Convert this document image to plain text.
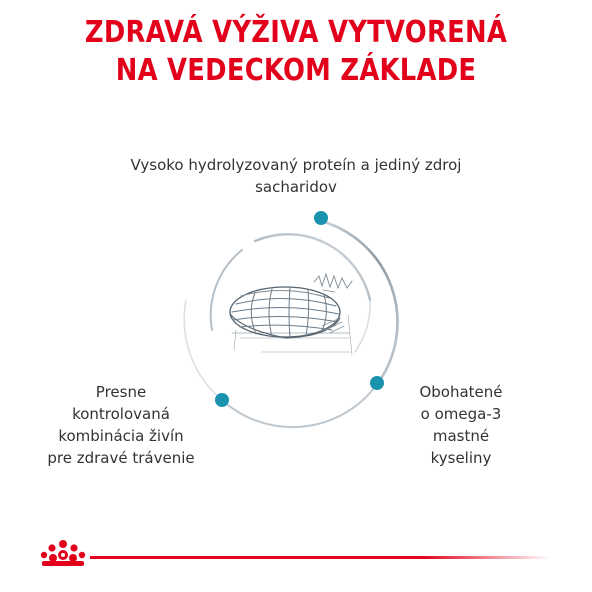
ZDRAVÁ VÝŽIVA VYTVORENÁ
NA VEDECKOM ZÁKLADE
Vysoko hydrolyzovaný proteín a jediný zdroj
sacharidov
Presne
kontrolovaná
kombinácia živín
pre zdravé trávenie
Obohatené
o omega-3
mastné
kyseliny
